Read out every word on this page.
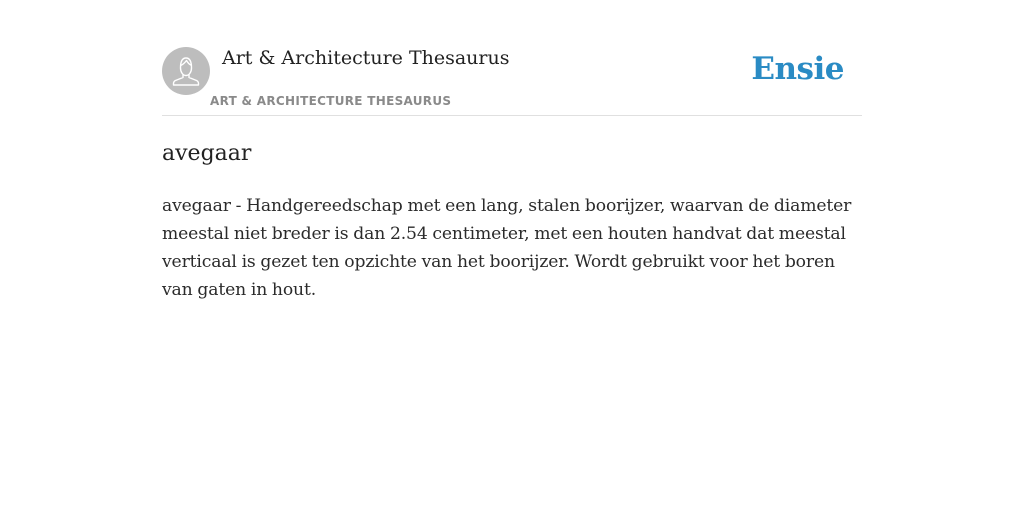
Art & Architecture Thesaurus
ART & ARCHITECTURE THESAURUS
Ensie
avegaar

avegaar - Handgereedschap met een lang, stalen boorijzer, waarvan de diameter meestal niet breder is dan 2.54 centimeter, met een houten handvat dat meestal verticaal is gezet ten opzichte van het boorijzer. Wordt gebruikt voor het boren van gaten in hout.
